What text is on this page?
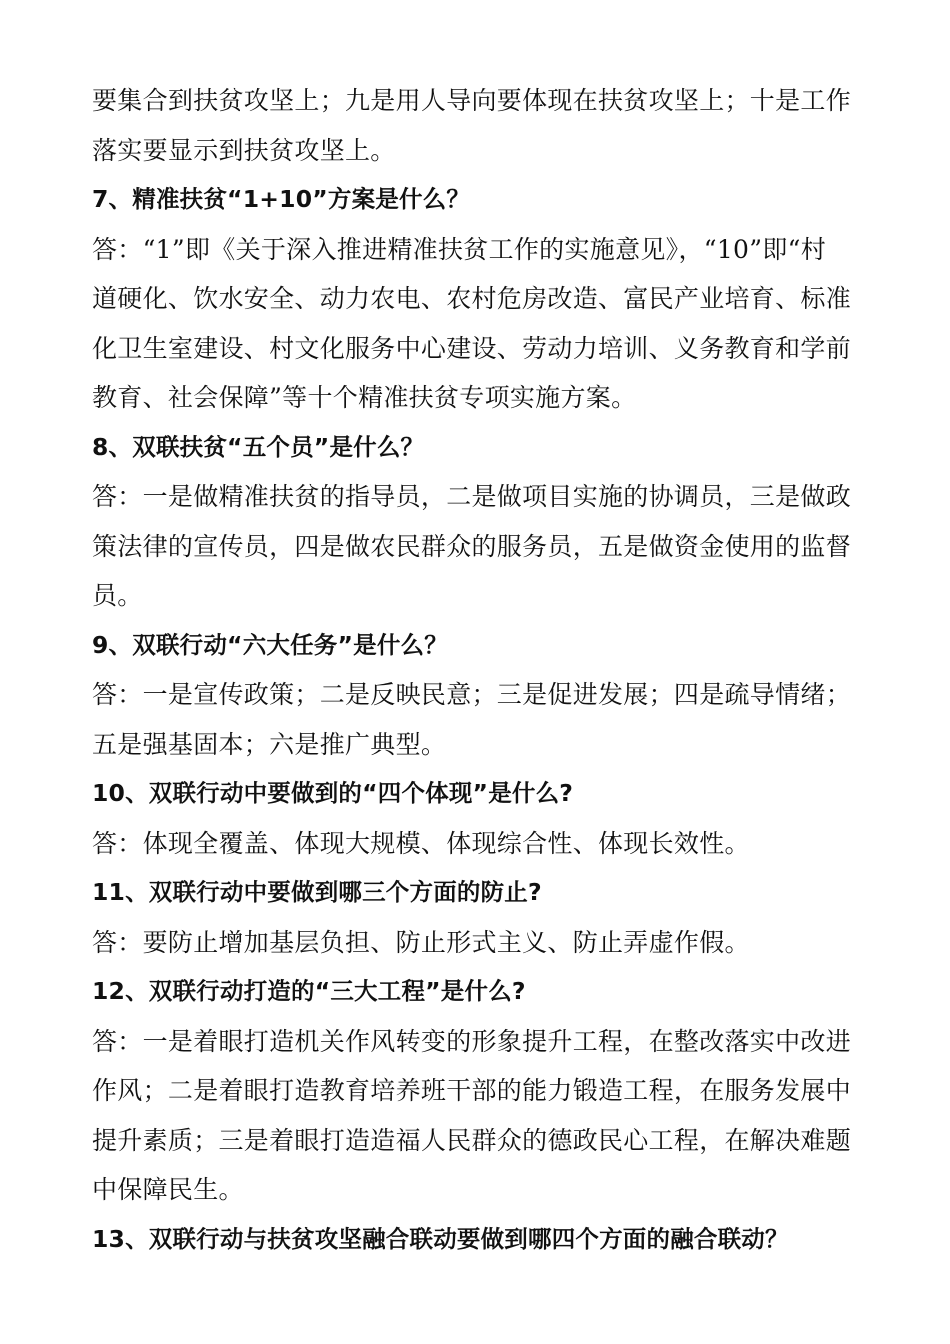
要集合到扶贫攻坚上；九是用人导向要体现在扶贫攻坚上；十是工作
落实要显示到扶贫攻坚上。
7、精准扶贫“1+10”方案是什么？
答：“1”即《关于深入推进精准扶贫工作的实施意见》，“10”即“村
道硬化、饮水安全、动力农电、农村危房改造、富民产业培育、标准
化卫生室建设、村文化服务中心建设、劳动力培训、义务教育和学前
教育、社会保障”等十个精准扶贫专项实施方案。
8、双联扶贫“五个员”是什么？
答：一是做精准扶贫的指导员，二是做项目实施的协调员，三是做政
策法律的宣传员，四是做农民群众的服务员，五是做资金使用的监督
员。
9、双联行动“六大任务”是什么？
答：一是宣传政策；二是反映民意；三是促进发展；四是疏导情绪；
五是强基固本；六是推广典型。
10、双联行动中要做到的“四个体现”是什么?
答：体现全覆盖、体现大规模、体现综合性、体现长效性。
11、双联行动中要做到哪三个方面的防止?
答：要防止增加基层负担、防止形式主义、防止弄虚作假。
12、双联行动打造的“三大工程”是什么?
答：一是着眼打造机关作风转变的形象提升工程，在整改落实中改进
作风；二是着眼打造教育培养班干部的能力锻造工程，在服务发展中
提升素质；三是着眼打造造福人民群众的德政民心工程，在解决难题
中保障民生。
13、双联行动与扶贫攻坚融合联动要做到哪四个方面的融合联动？
